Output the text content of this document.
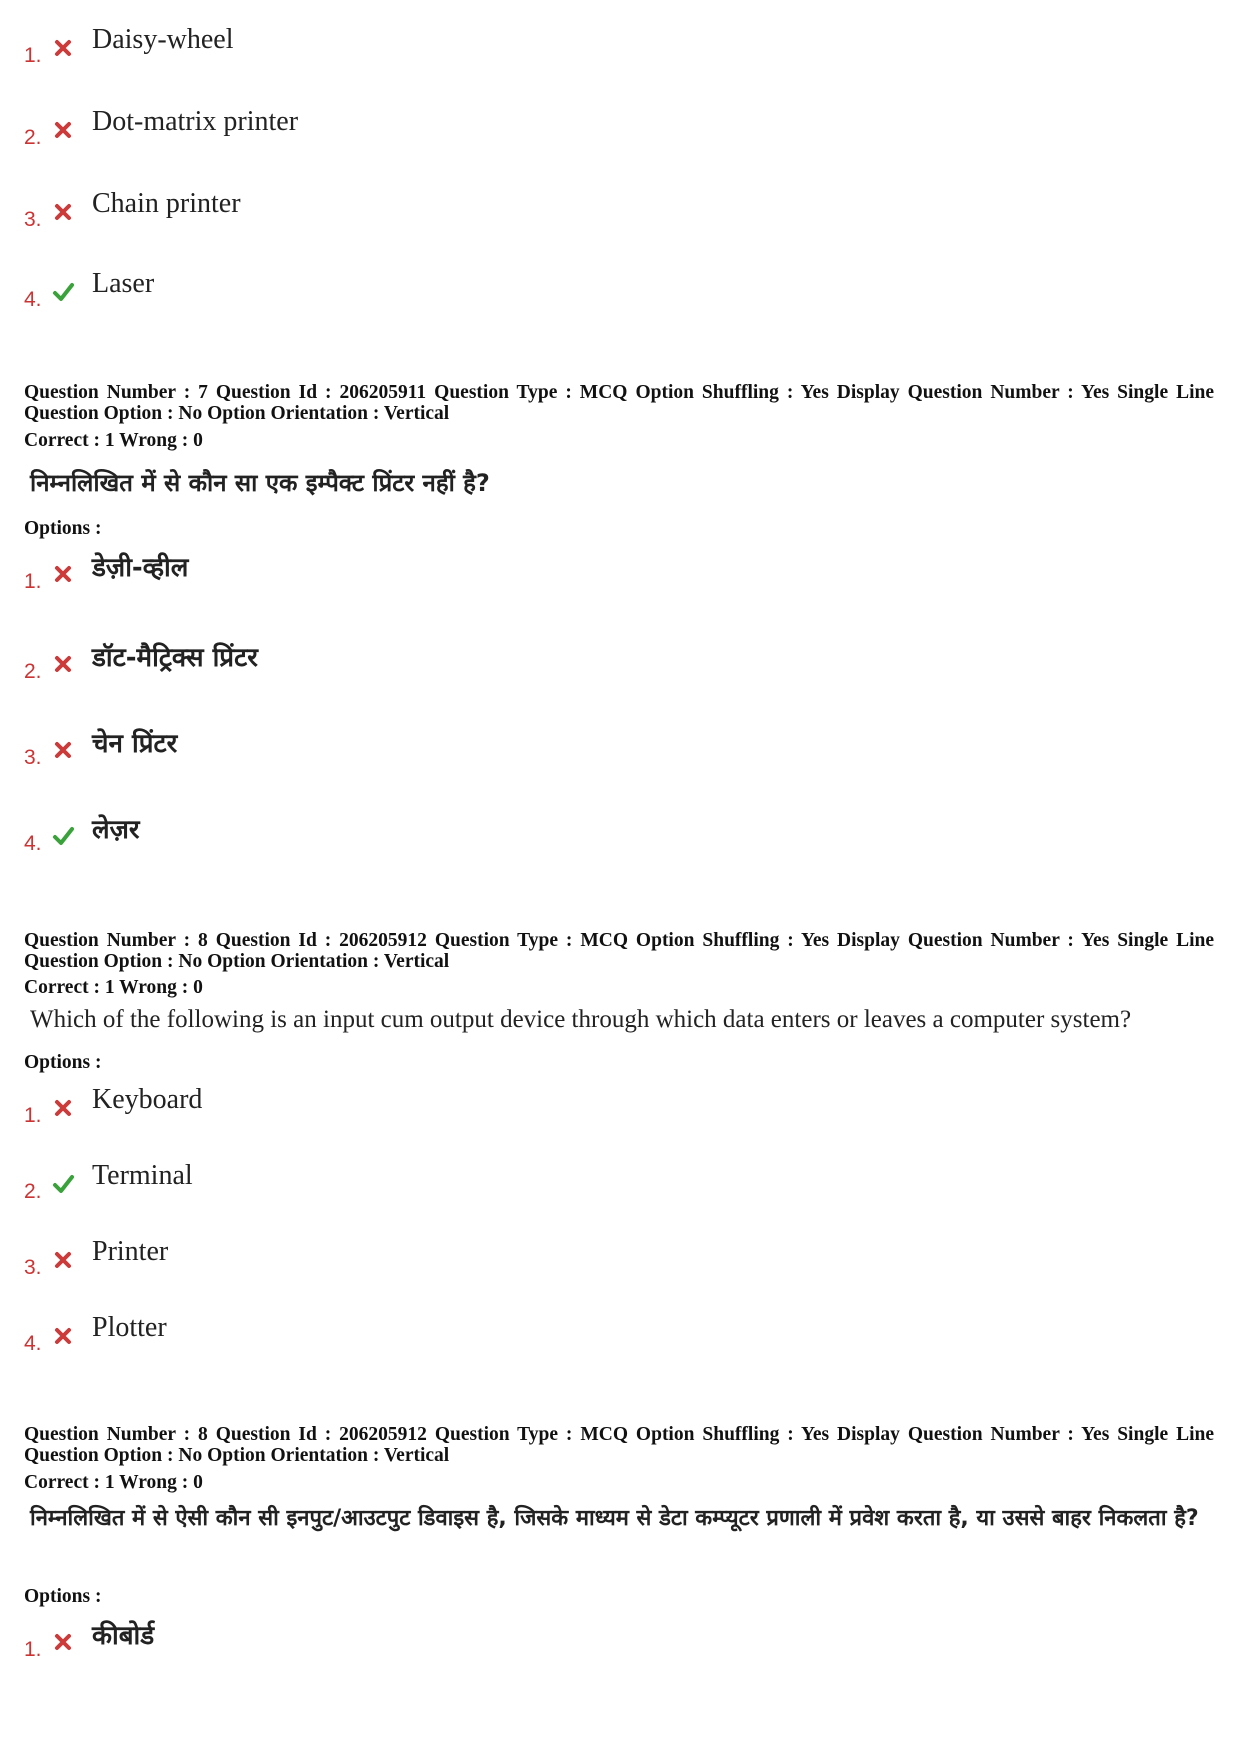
1.
Daisy-wheel
2.
Dot-matrix printer
3.
Chain printer
4.
Laser
Question Number : 7 Question Id : 206205911 Question Type : MCQ Option Shuffling : Yes Display Question Number : Yes Single Line Question Option : No Option Orientation : Vertical
Correct : 1 Wrong : 0
निम्नलिखित में से कौन सा एक इम्पैक्ट प्रिंटर नहीं है?
Options :
1. डेज़ी-व्हील
2. डॉट-मैट्रिक्स प्रिंटर
3. चेन प्रिंटर
4. लेज़र
Question Number : 8 Question Id : 206205912 Question Type : MCQ Option Shuffling : Yes Display Question Number : Yes Single Line Question Option : No Option Orientation : Vertical
Correct : 1 Wrong : 0
Which of the following is an input cum output device through which data enters or leaves a computer system?
Options :
1.
Keyboard
2.
Terminal
3.
Printer
4.
Plotter
Question Number : 8 Question Id : 206205912 Question Type : MCQ Option Shuffling : Yes Display Question Number : Yes Single Line Question Option : No Option Orientation : Vertical
Correct : 1 Wrong : 0
निम्नलिखित में से ऐसी कौन सी इनपुट/आउटपुट डिवाइस है, जिसके माध्यम से डेटा कम्प्यूटर प्रणाली में प्रवेश करता है, या उससे बाहर निकलता है?
Options :
1. कीबोर्ड
